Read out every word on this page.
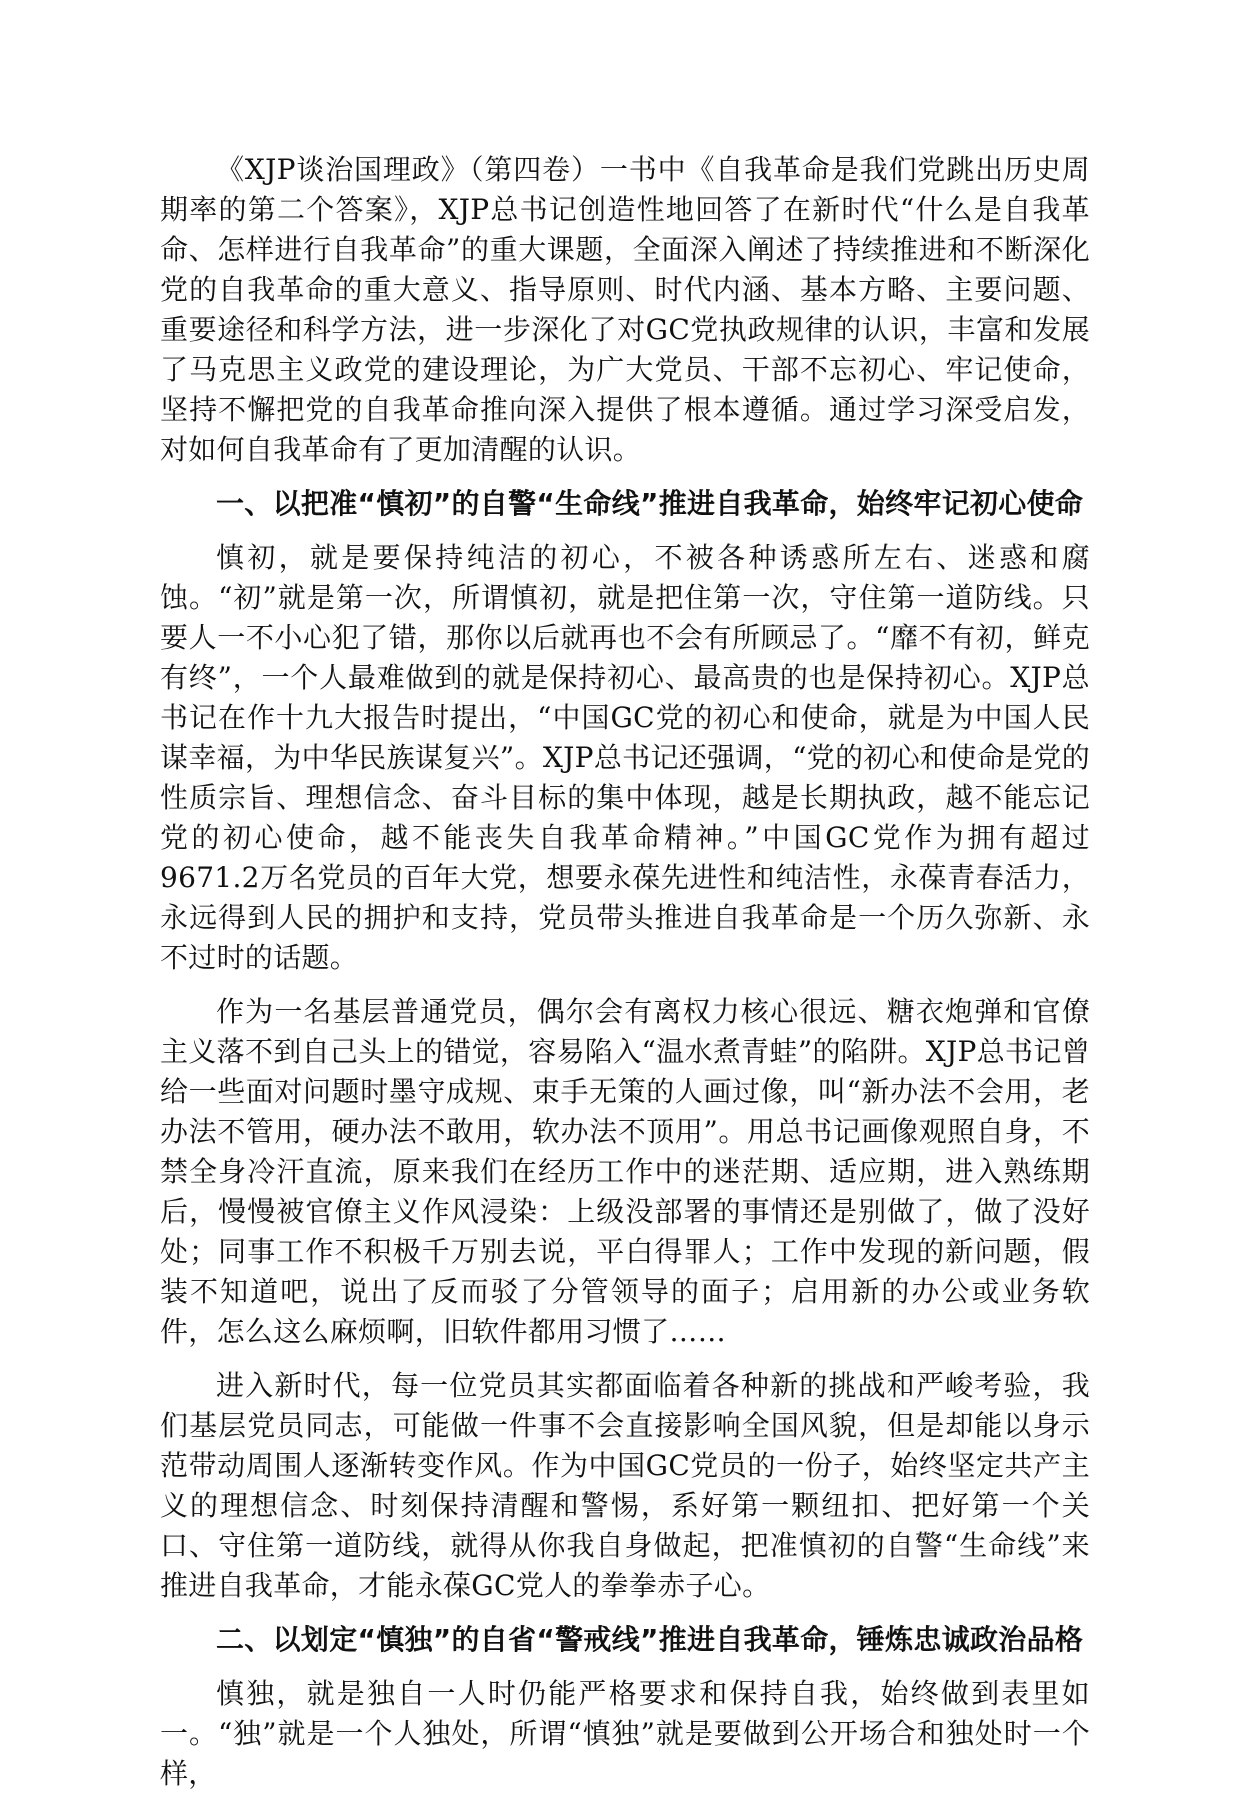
《XJP谈治国理政》（第四卷）一书中《自我革命是我们党跳出历史周期率的第二个答案》，XJP总书记创造性地回答了在新时代“什么是自我革命、怎样进行自我革命”的重大课题，全面深入阐述了持续推进和不断深化党的自我革命的重大意义、指导原则、时代内涵、基本方略、主要问题、重要途径和科学方法，进一步深化了对GC党执政规律的认识，丰富和发展了马克思主义政党的建设理论，为广大党员、干部不忘初心、牢记使命，坚持不懈把党的自我革命推向深入提供了根本遵循。通过学习深受启发，对如何自我革命有了更加清醒的认识。

一、以把准“慎初”的自警“生命线”推进自我革命，始终牢记初心使命

慎初，就是要保持纯洁的初心，不被各种诱惑所左右、迷惑和腐蚀。“初”就是第一次，所谓慎初，就是把住第一次，守住第一道防线。只要人一不小心犯了错，那你以后就再也不会有所顾忌了。“靡不有初，鲜克有终”，一个人最难做到的就是保持初心、最高贵的也是保持初心。XJP总书记在作十九大报告时提出，“中国GC党的初心和使命，就是为中国人民谋幸福，为中华民族谋复兴”。XJP总书记还强调，“党的初心和使命是党的性质宗旨、理想信念、奋斗目标的集中体现，越是长期执政，越不能忘记党的初心使命，越不能丧失自我革命精神。”中国GC党作为拥有超过9671.2万名党员的百年大党，想要永葆先进性和纯洁性，永葆青春活力，永远得到人民的拥护和支持，党员带头推进自我革命是一个历久弥新、永不过时的话题。

作为一名基层普通党员，偶尔会有离权力核心很远、糖衣炮弹和官僚主义落不到自己头上的错觉，容易陷入“温水煮青蛙”的陷阱。XJP总书记曾给一些面对问题时墨守成规、束手无策的人画过像，叫“新办法不会用，老办法不管用，硬办法不敢用，软办法不顶用”。用总书记画像观照自身，不禁全身冷汗直流，原来我们在经历工作中的迷茫期、适应期，进入熟练期后，慢慢被官僚主义作风浸染：上级没部署的事情还是别做了，做了没好处；同事工作不积极千万别去说，平白得罪人；工作中发现的新问题，假装不知道吧，说出了反而驳了分管领导的面子；启用新的办公或业务软件，怎么这么麻烦啊，旧软件都用习惯了……

进入新时代，每一位党员其实都面临着各种新的挑战和严峻考验，我们基层党员同志，可能做一件事不会直接影响全国风貌，但是却能以身示范带动周围人逐渐转变作风。作为中国GC党员的一份子，始终坚定共产主义的理想信念、时刻保持清醒和警惕，系好第一颗纽扣、把好第一个关口、守住第一道防线，就得从你我自身做起，把准慎初的自警“生命线”来推进自我革命，才能永葆GC党人的拳拳赤子心。

二、以划定“慎独”的自省“警戒线”推进自我革命，锤炼忠诚政治品格

慎独，就是独自一人时仍能严格要求和保持自我，始终做到表里如一。“独”就是一个人独处，所谓“慎独”就是要做到公开场合和独处时一个样，
